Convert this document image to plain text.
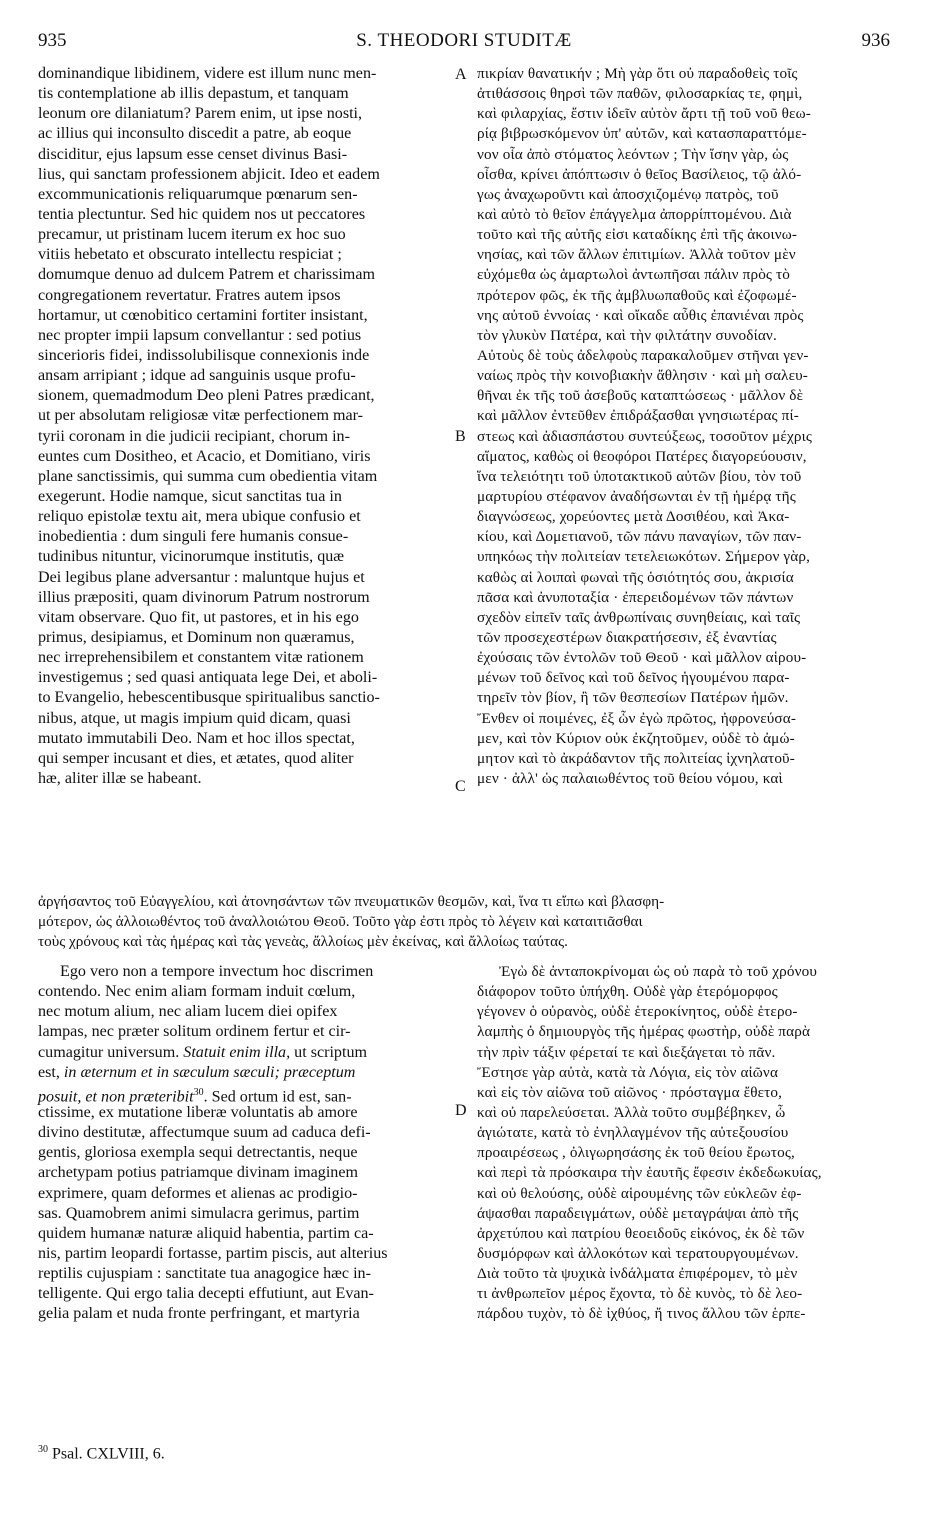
935	S. THEODORI STUDITÆ	936
dominandique libidinem, videre est illum nunc men-
tis contemplatione ab illis depastum, et tanquam
leonum ore dilaniatum? Parem enim, ut ipse nosti,
ac illius qui inconsulto discedit a patre, ab eoque
disciditur, ejus lapsum esse censet divinus Basi-
lius, qui sanctam professionem abjicit. Ideo et eadem
excommunicationis reliquarumque pœnarum sen-
tentia plectuntur. Sed hic quidem nos ut peccatores
precamur, ut pristinam lucem iterum ex hoc suo
vitiis hebetato et obscurato intellectu respiciat ;
domumque denuo ad dulcem Patrem et charissimam
congregationem revertatur. Fratres autem ipsos
hortamur, ut cœnobitico certamini fortiter insistant,
nec propter impii lapsum convellantur : sed potius
sincerioris fidei, indissolubilisque connexionis inde
ansam arripiant ; idque ad sanguinis usque profu-
sionem, quemadmodum Deo pleni Patres prædicant,
ut per absolutam religiosæ vitæ perfectionem mar-
tyrii coronam in die judicii recipiant, chorum in-
euntes cum Dositheo, et Acacio, et Domitiano, viris
plane sanctissimis, qui summa cum obedientia vitam
exegerunt. Hodie namque, sicut sanctitas tua in
reliquo epistolæ textu ait, mera ubique confusio et
inobedientia : dum singuli fere humanis consue-
tudinibus nituntur, vicinorumque institutis, quæ
Dei legibus plane adversantur : maluntque hujus et
illius præpositi, quam divinorum Patrum nostrorum
vitam observare. Quo fit, ut pastores, et in his ego
primus, desipiamus, et Dominum non quæramus,
nec irreprehensibilem et constantem vitæ rationem
investigemus ; sed quasi antiquata lege Dei, et aboli-
to Evangelio, hebescentibusque spiritualibus sanctio-
nibus, atque, ut magis impium quid dicam, quasi
mutato immutabili Deo. Nam et hoc illos spectat,
qui semper incusant et dies, et ætates, quod aliter
hæ, aliter illæ se habeant.
πικρίαν θανατικήν ; Μὴ γὰρ ὅτι οὐ παραδοθεὶς τοῖς
ἀτιθάσσοις θηρσὶ τῶν παθῶν, φιλοσαρκίας τε, φημὶ,
καὶ φιλαρχίας, ἔστιν ἰδεῖν αὐτὸν ἄρτι τῇ τοῦ νοῦ θεω-
ρίᾳ βιβρωσκόμενον ὑπ' αὐτῶν, καὶ κατασπαραττόμε-
νον οἷα ἀπὸ στόματος λεόντων ; Τὴν ἴσην γὰρ, ὡς
οἶσθα, κρίνει ἀπόπτωσιν ὁ θεῖος Βασίλειος, τῷ ἀλό-
γως ἀναχωροῦντι καὶ ἀποσχιζομένῳ πατρὸς, τοῦ
καὶ αὐτὸ τὸ θεῖον ἐπάγγελμα ἀπορρίπτομένου. Διὰ
τοῦτο καὶ τῆς αὐτῆς εἰσι καταδίκης ἐπὶ τῆς ἀκοινω-
νησίας, καὶ τῶν ἄλλων ἐπιτιμίων. Ἀλλὰ τοῦτον μὲν
εὐχόμεθα ὡς ἁμαρτωλοὶ ἀντωπῆσαι πάλιν πρὸς τὸ
πρότερον φῶς, ἐκ τῆς ἀμβλυωπαθοῦς καὶ ἐζοφωμέ-
νης αὐτοῦ ἐννοίας · καὶ οἴκαδε αὖθις ἐπανιέναι πρὸς
τὸν γλυκὺν Πατέρα, καὶ τὴν φιλτάτην συνοδίαν.
Αὐτοὺς δὲ τοὺς ἀδελφοὺς παρακαλοῦμεν στῆναι γεν-
ναίως πρὸς τὴν κοινοβιακὴν ἄθλησιν · καὶ μὴ σαλευ-
θῆναι ἐκ τῆς τοῦ ἀσεβοῦς καταπτώσεως · μᾶλλον δὲ
καὶ μᾶλλον ἐντεῦθεν ἐπιδράξασθαι γνησιωτέρας πί-
στεως καὶ ἀδιασπάστου συντεύξεως, τοσοῦτον μέχρις
αἵματος, καθὼς οἱ θεοφόροι Πατέρες διαγορεύουσιν,
ἵνα τελειότητι τοῦ ὑποτακτικοῦ αὐτῶν βίου, τὸν τοῦ
μαρτυρίου στέφανον ἀναδήσωνται ἐν τῇ ἡμέρᾳ τῆς
διαγνώσεως, χορεύοντες μετὰ Δοσιθέου, καὶ Ἀκα-
κίου, καὶ Δομετιανοῦ, τῶν πάνυ παναγίων, τῶν παν-
υπηκόως τὴν πολιτείαν τετελειωκότων. Σήμερον γὰρ,
καθὼς αἱ λοιπαὶ φωναὶ τῆς ὁσιότητός σου, ἀκρισία
πᾶσα καὶ ἀνυποταξία · ἐπερειδομένων τῶν πάντων
σχεδὸν εἰπεῖν ταῖς ἀνθρωπίναις συνηθείαις, καὶ ταῖς
τῶν προσεχεστέρων διακρατήσεσιν, ἐξ ἐναντίας
ἐχούσαις τῶν ἐντολῶν τοῦ Θεοῦ · καὶ μᾶλλον αἱρου-
μένων τοῦ δεῖνος καὶ τοῦ δεῖνος ἡγουμένου παρα-
τηρεῖν τὸν βίον, ἢ τῶν θεσπεσίων Πατέρων ἡμῶν.
Ἔνθεν οἱ ποιμένες, ἐξ ὧν ἐγὼ πρῶτος, ἠφρονεύσα-
μεν, καὶ τὸν Κύριον οὐκ ἐκζητοῦμεν, οὐδὲ τὸ ἀμώ-
μητον καὶ τὸ ἀκράδαντον τῆς πολιτείας ἰχνηλατοῦ-
μεν · ἀλλ' ὡς παλαιωθέντος τοῦ θείου νόμου, καὶ
A
B
C
D
ἀργήσαντος τοῦ Εὐαγγελίου, καὶ ἀτονησάντων τῶν πνευματικῶν θεσμῶν, καὶ, ἵνα τι εἴπω καὶ βλασφη-
μότερον, ὡς ἀλλοιωθέντος τοῦ ἀναλλοιώτου Θεοῦ. Τοῦτο γὰρ ἐστι πρὸς τὸ λέγειν καὶ καταιτιᾶσθαι
τοὺς χρόνους καὶ τὰς ἡμέρας καὶ τὰς γενεὰς, ἄλλοίως μὲν ἐκείνας, καὶ ἄλλοίως ταύτας.
Ego vero non a tempore invectum hoc discrimen
contendo. Nec enim aliam formam induit cœlum,
nec motum alium, nec aliam lucem diei opifex
lampas, nec præter solitum ordinem fertur et cir-
cumagitur universum. Statuit enim illa, ut scriptum
est, in æternum et in sæculum sæculi; præceptum
posuit, et non præteribit$^{30}$. Sed ortum id est, san-
ctissime, ex mutatione liberæ voluntatis ab amore
divino destitutæ, affectumque suum ad caduca defi-
gentis, gloriosa exempla sequi detrectantis, neque
archetypam potius patriamque divinam imaginem
exprimere, quam deformes et alienas ac prodigio-
sas. Quamobrem animi simulacra gerimus, partim
quidem humanæ naturæ aliquid habentia, partim ca-
nis, partim leopardi fortasse, partim piscis, aut alterius
reptilis cujuspiam : sanctitate tua anagogice hæc in-
telligente. Qui ergo talia decepti effutiunt, aut Evan-
gelia palam et nuda fronte perfringant, et martyria
Ἐγὼ δὲ ἀνταποκρίνομαι ὡς οὐ παρὰ τὸ τοῦ χρόνου
διάφορον τοῦτο ὑπήχθη. Οὐδὲ γὰρ ἑτερόμορφος
γέγονεν ὁ οὐρανὸς, οὐδὲ ἑτεροκίνητος, οὐδὲ ἑτερο-
λαμπὴς ὁ δημιουργὸς τῆς ἡμέρας φωστὴρ, οὐδὲ παρὰ
τὴν πρὶν τάξιν φέρεταί τε καὶ διεξάγεται τὸ πᾶν.
Ἔστησε γὰρ αὐτὰ, κατὰ τὰ Λόγια, εἰς τὸν αἰῶνα
καὶ εἰς τὸν αἰῶνα τοῦ αἰῶνος · πρόσταγμα ἔθετο,
καὶ οὐ παρελεύσεται. Ἀλλὰ τοῦτο συμβέβηκεν, ὦ
ἁγιώτατε, κατὰ τὸ ἐνηλλαγμένον τῆς αὐτεξουσίου
προαιρέσεως , ὀλιγωρησάσης ἐκ τοῦ θείου ἔρωτος,
καὶ περὶ τὰ πρόσκαιρα τὴν ἑαυτῆς ἔφεσιν ἐκδεδωκυίας,
καὶ οὐ θελούσης, οὐδὲ αἱρουμένης τῶν εὐκλεῶν ἐφ-
άψασθαι παραδειγμάτων, οὐδὲ μεταγράψαι ἀπὸ τῆς
ἀρχετύπου καὶ πατρίου θεοειδοῦς εἰκόνος, ἐκ δὲ τῶν
δυσμόρφων καὶ ἀλλοκότων καὶ τερατουργουμένων.
Διὰ τοῦτο τὰ ψυχικὰ ἰνδάλματα ἐπιφέρομεν, τὸ μὲν
τι ἀνθρωπεῖον μέρος ἔχοντα, τὸ δὲ κυνὸς, τὸ δὲ λεο-
πάρδου τυχὸν, τὸ δὲ ἰχθύος, ἤ τινος ἄλλου τῶν ἑρπε-
$^{30}$ Psal. CXLVIII, 6.
